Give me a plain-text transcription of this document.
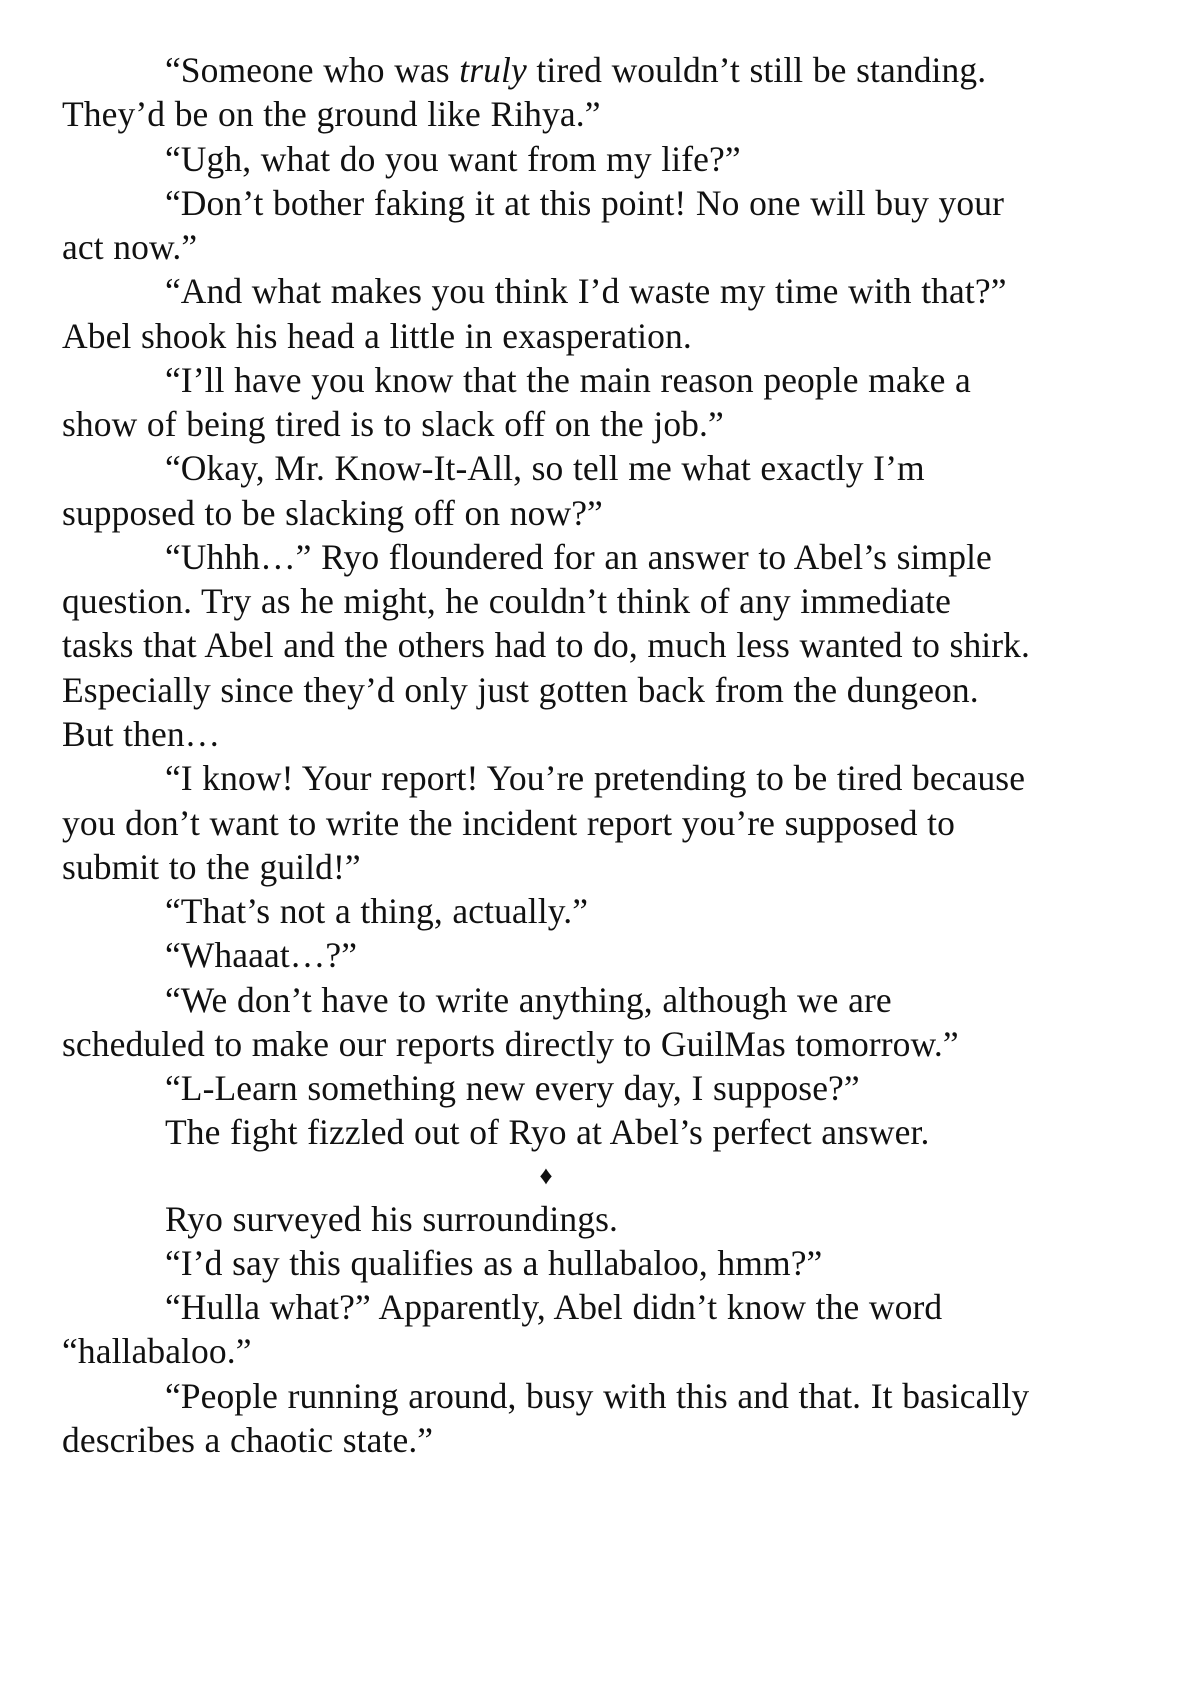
“Someone who was truly tired wouldn’t still be standing. They’d be on the ground like Rihya.”

“Ugh, what do you want from my life?”

“Don’t bother faking it at this point! No one will buy your act now.”

“And what makes you think I’d waste my time with that?” Abel shook his head a little in exasperation.

“I’ll have you know that the main reason people make a show of being tired is to slack off on the job.”

“Okay, Mr. Know-It-All, so tell me what exactly I’m supposed to be slacking off on now?”

“Uhhh…” Ryo floundered for an answer to Abel’s simple question. Try as he might, he couldn’t think of any immediate tasks that Abel and the others had to do, much less wanted to shirk. Especially since they’d only just gotten back from the dungeon. But then…

“I know! Your report! You’re pretending to be tired because you don’t want to write the incident report you’re supposed to submit to the guild!”

“That’s not a thing, actually.”

“Whaaat…?”

“We don’t have to write anything, although we are scheduled to make our reports directly to GuilMas tomorrow.”

“L-Learn something new every day, I suppose?”

The fight fizzled out of Ryo at Abel’s perfect answer.

♦

Ryo surveyed his surroundings.

“I’d say this qualifies as a hullabaloo, hmm?”

“Hulla what?” Apparently, Abel didn’t know the word “hallabaloo.”

“People running around, busy with this and that. It basically describes a chaotic state.”
